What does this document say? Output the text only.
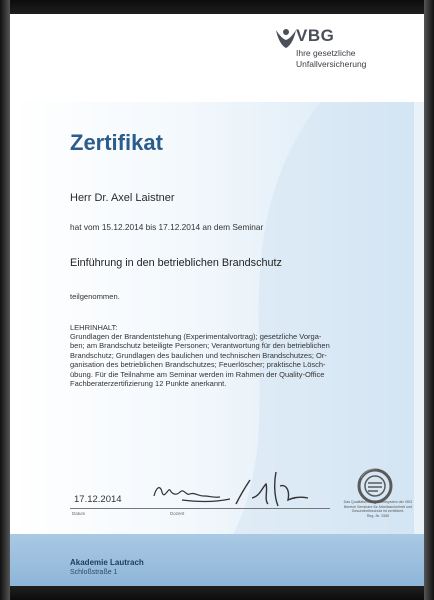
VBG
Ihre gesetzliche
Unfallversicherung
Zertifikat
Herr Dr. Axel Laistner
hat vom 15.12.2014 bis 17.12.2014 an dem Seminar
Einführung in den betrieblichen Brandschutz
teilgenommen.
LEHRINHALT:
Grundlagen der Brandentstehung (Experimentalvortrag); gesetzliche Vorga-
ben; am Brandschutz beteiligte Personen; Verantwortung für den betrieblichen
Brandschutz; Grundlagen des baulichen und technischen Brandschutzes; Or-
ganisation des betrieblichen Brandschutzes; Feuerlöscher; praktische Lösch-
übung. Für die Teilnahme am Seminar werden im Rahmen der Quality-Office
Fachberaterzertifizierung 12 Punkte anerkannt.
17.12.2014
Datum	Dozent
Das Qualitätsmanagementsystem der VBG
Bereich Seminare für Arbeitssicherheit und
Gesundheitsschutz ist zertifiziert.
Reg.-Nr. 2550
Akademie Lautrach
Schloßstraße 1
